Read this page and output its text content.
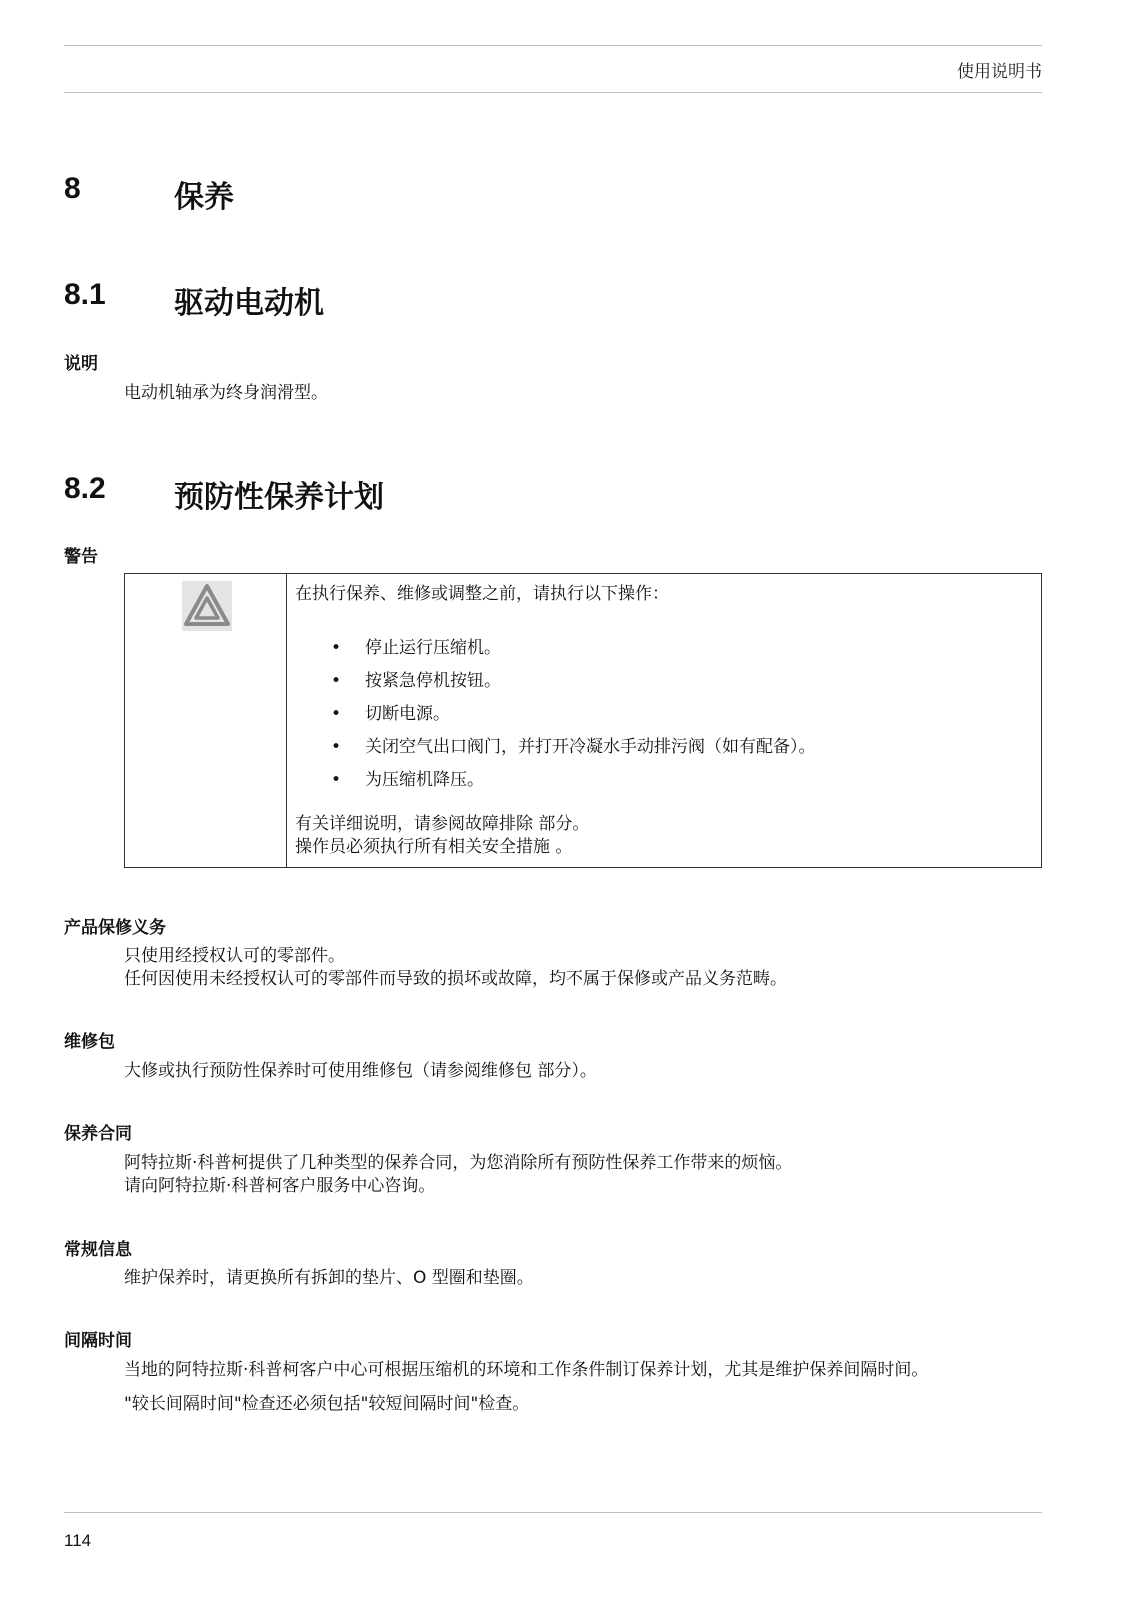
使用说明书
8	保养
8.1 驱动电动机
说明
电动机轴承为终身润滑型。
8.2 预防性保养计划
警告
在执行保养、维修或调整之前，请执行以下操作：
• 停止运行压缩机。
• 按紧急停机按钮。
• 切断电源。
• 关闭空气出口阀门，并打开冷凝水手动排污阀（如有配备）。
• 为压缩机降压。
有关详细说明，请参阅故障排除 部分。
操作员必须执行所有相关安全措施 。
产品保修义务
只使用经授权认可的零部件。
任何因使用未经授权认可的零部件而导致的损坏或故障，均不属于保修或产品义务范畴。
维修包
大修或执行预防性保养时可使用维修包（请参阅维修包 部分）。
保养合同
阿特拉斯·科普柯提供了几种类型的保养合同，为您消除所有预防性保养工作带来的烦恼。
请向阿特拉斯·科普柯客户服务中心咨询。
常规信息
维护保养时，请更换所有拆卸的垫片、O 型圈和垫圈。
间隔时间
当地的阿特拉斯·科普柯客户中心可根据压缩机的环境和工作条件制订保养计划，尤其是维护保养间隔时间。
"较长间隔时间"检查还必须包括"较短间隔时间"检查。
114
